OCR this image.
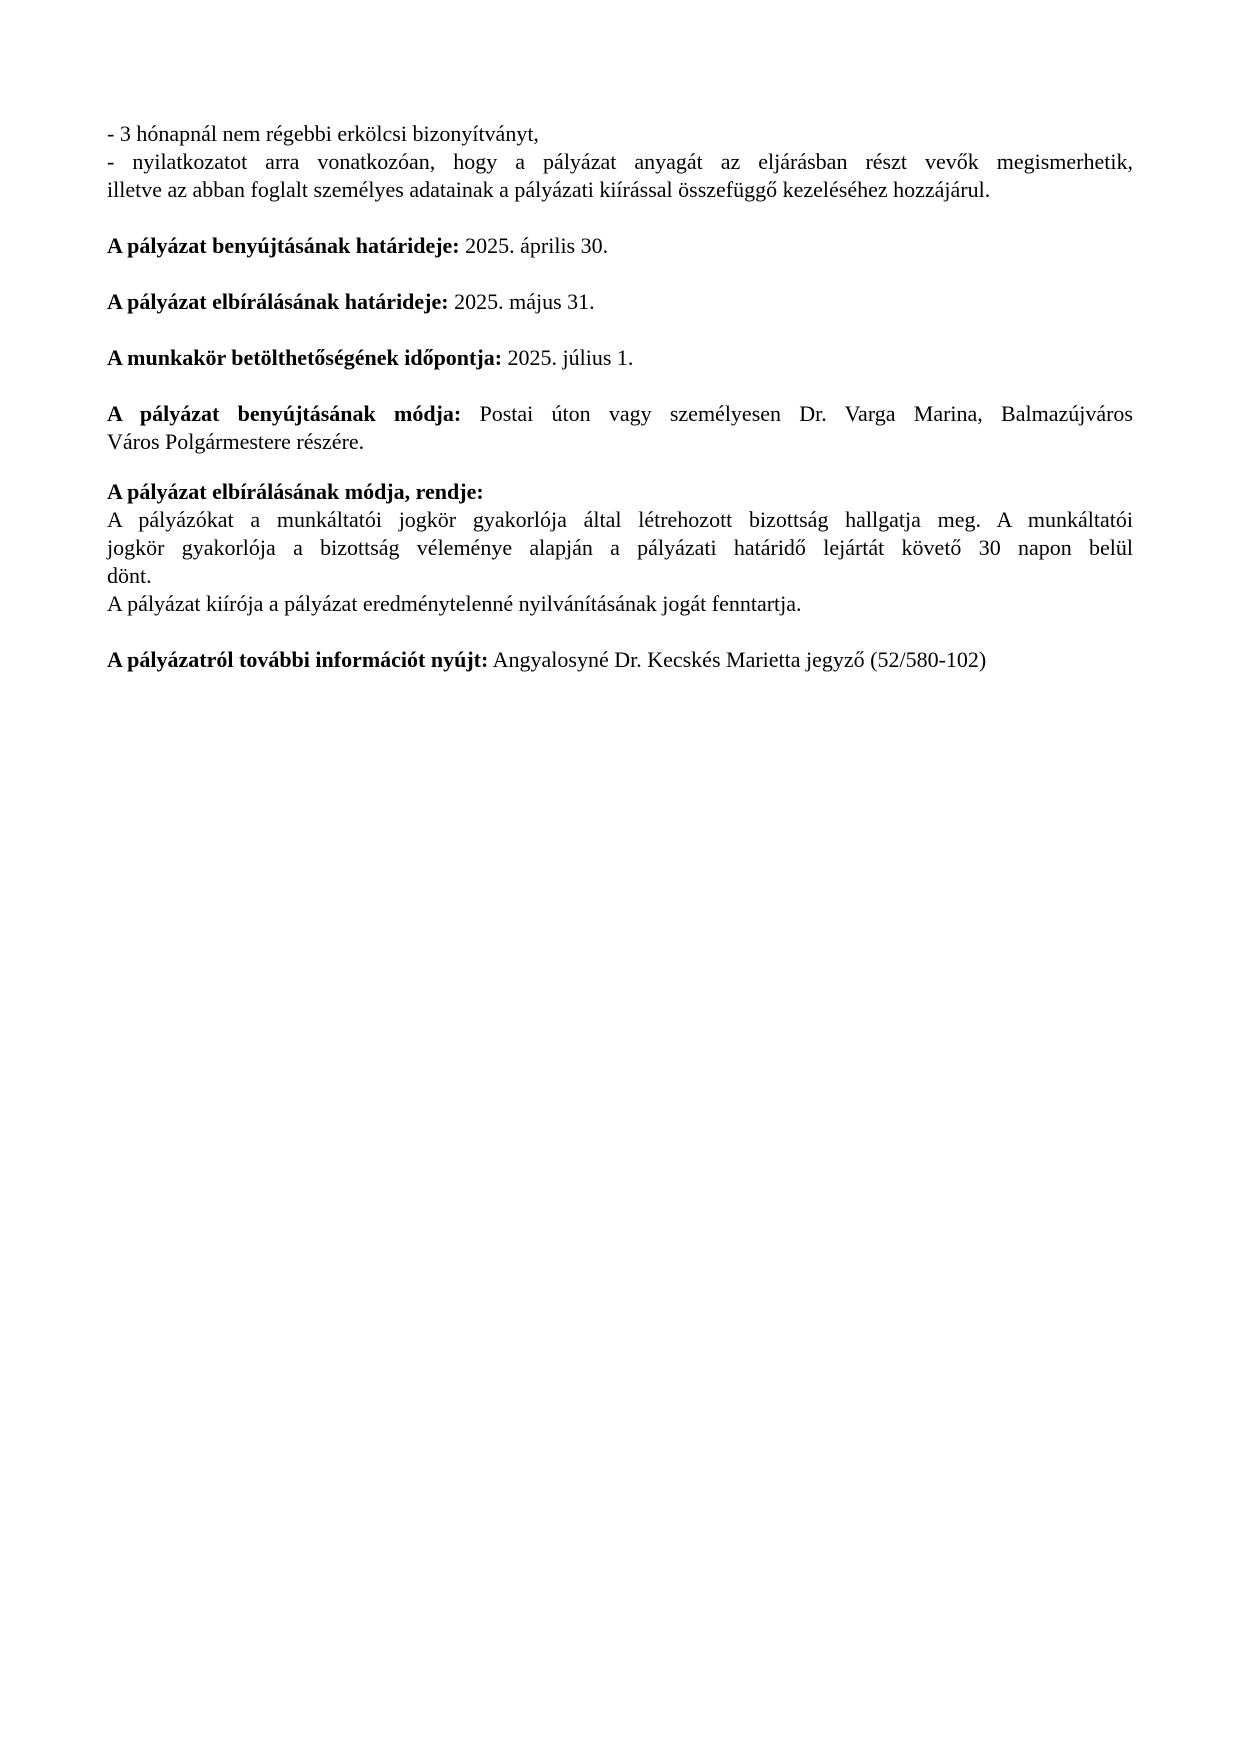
- 3 hónapnál nem régebbi erkölcsi bizonyítványt,
- nyilatkozatot arra vonatkozóan, hogy a pályázat anyagát az eljárásban részt vevők megismerhetik,
illetve az abban foglalt személyes adatainak a pályázati kiírással összefüggő kezeléséhez hozzájárul.
A pályázat benyújtásának határideje: 2025. április 30.
A pályázat elbírálásának határideje: 2025. május 31.
A munkakör betölthetőségének időpontja: 2025. július 1.
A pályázat benyújtásának módja: Postai úton vagy személyesen Dr. Varga Marina, Balmazújváros
Város Polgármestere részére.
A pályázat elbírálásának módja, rendje:
A pályázókat a munkáltatói jogkör gyakorlója által létrehozott bizottság hallgatja meg. A munkáltatói
jogkör gyakorlója a bizottság véleménye alapján a pályázati határidő lejártát követő 30 napon belül
dönt.
A pályázat kiírója a pályázat eredménytelenné nyilvánításának jogát fenntartja.
A pályázatról további információt nyújt: Angyalosyné Dr. Kecskés Marietta jegyző (52/580-102)
